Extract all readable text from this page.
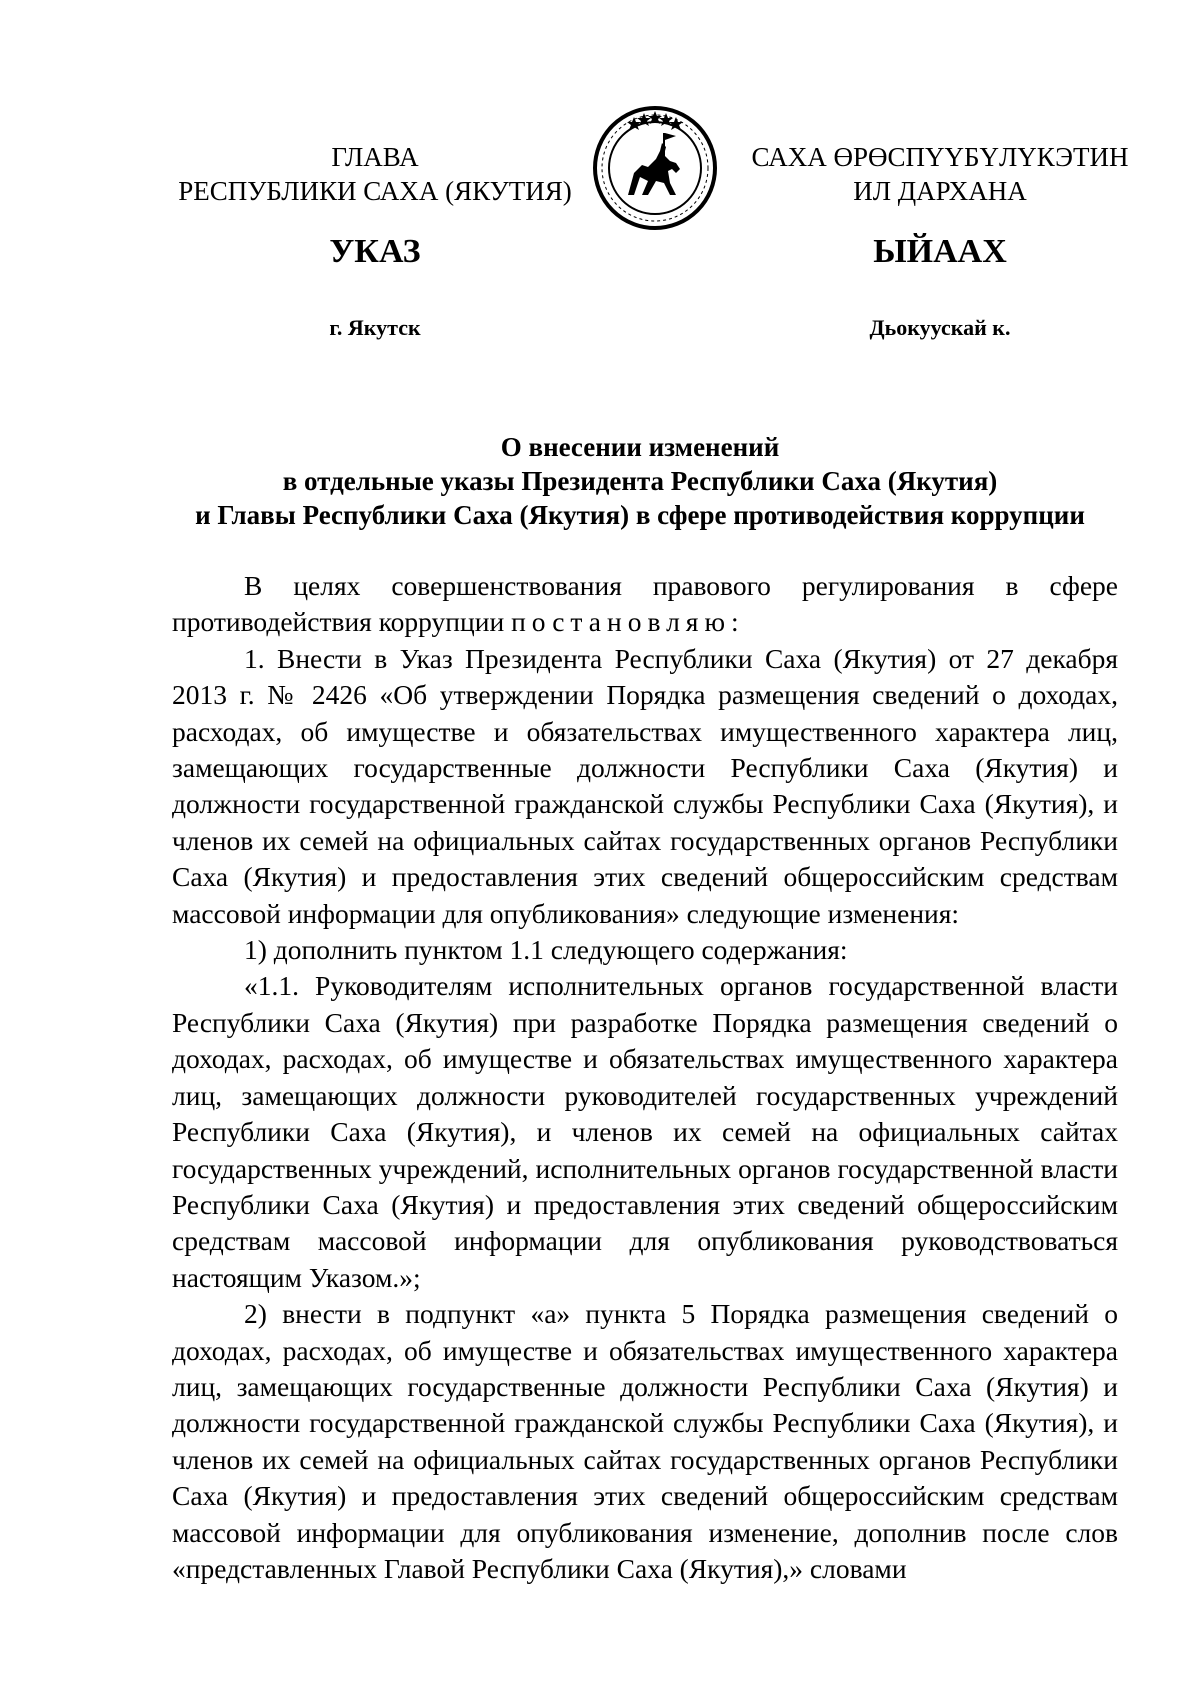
ГЛАВА
РЕСПУБЛИКИ САХА (ЯКУТИЯ)
САХА ӨРӨСПҮҮБҮЛҮКЭТИН
ИЛ ДАРХАНА
УКАЗ	ЫЙААХ
г. Якутск	Дьокуускай к.
О внесении изменений
в отдельные указы Президента Республики Саха (Якутия)
и Главы Республики Саха (Якутия) в сфере противодействия коррупции

В целях совершенствования правового регулирования в сфере противодействия коррупции постановляю:

1. Внести в Указ Президента Республики Саха (Якутия) от 27 декабря 2013 г. № 2426 «Об утверждении Порядка размещения сведений о доходах, расходах, об имуществе и обязательствах имущественного характера лиц, замещающих государственные должности Республики Саха (Якутия) и должности государственной гражданской службы Республики Саха (Якутия), и членов их семей на официальных сайтах государственных органов Республики Саха (Якутия) и предоставления этих сведений общероссийским средствам массовой информации для опубликования» следующие изменения:

1) дополнить пунктом 1.1 следующего содержания:

«1.1. Руководителям исполнительных органов государственной власти Республики Саха (Якутия) при разработке Порядка размещения сведений о доходах, расходах, об имуществе и обязательствах имущественного характера лиц, замещающих должности руководителей государственных учреждений Республики Саха (Якутия), и членов их семей на официальных сайтах государственных учреждений, исполнительных органов государственной власти Республики Саха (Якутия) и предоставления этих сведений общероссийским средствам массовой информации для опубликования руководствоваться настоящим Указом.»;

2) внести в подпункт «а» пункта 5 Порядка размещения сведений о доходах, расходах, об имуществе и обязательствах имущественного характера лиц, замещающих государственные должности Республики Саха (Якутия) и должности государственной гражданской службы Республики Саха (Якутия), и членов их семей на официальных сайтах государственных органов Республики Саха (Якутия) и предоставления этих сведений общероссийским средствам массовой информации для опубликования изменение, дополнив после слов «представленных Главой Республики Саха (Якутия),» словами
